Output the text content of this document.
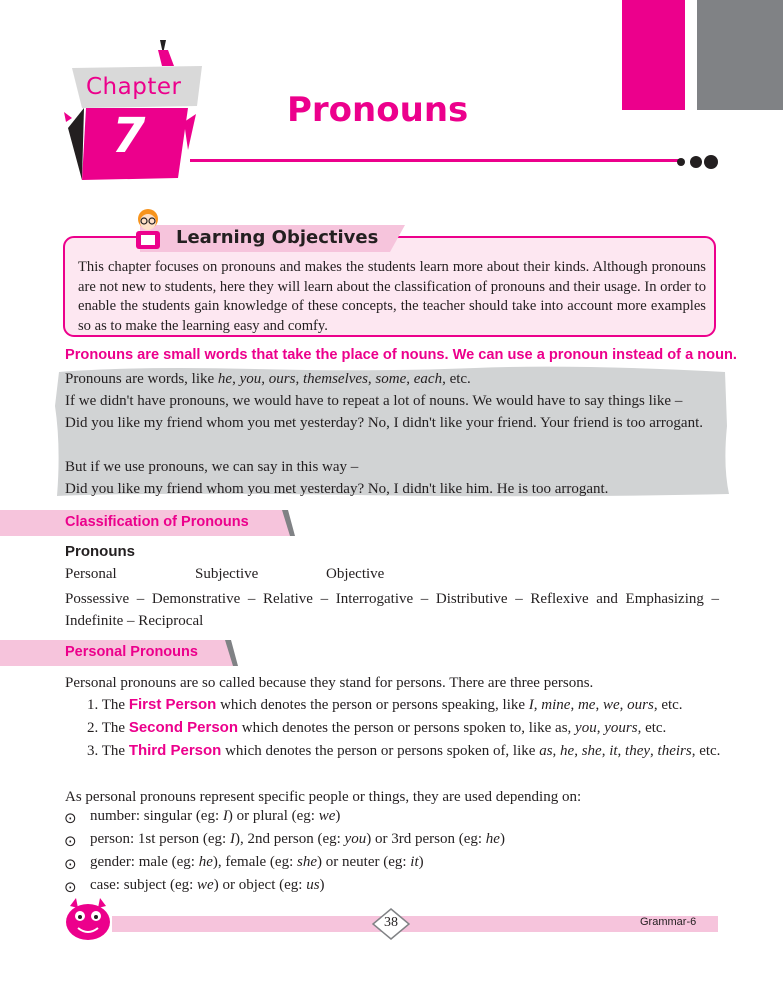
Chapter
7	Pronouns
Learning Objectives
This chapter focuses on pronouns and makes the students learn more about their kinds. Although pronouns are not new to students, here they will learn about the classification of pronouns and their usage. In order to enable the students gain knowledge of these concepts, the teacher should take into account more examples so as to make the learning easy and comfy.
Pronouns are small words that take the place of nouns. We can use a pronoun instead of a noun.
Pronouns are words, like he, you, ours, themselves, some, each, etc.
If we didn't have pronouns, we would have to repeat a lot of nouns. We would have to say things like –
Did you like my friend whom you met yesterday? No, I didn't like your friend. Your friend is too arrogant.
But if we use pronouns, we can say in this way –
Did you like my friend whom you met yesterday? No, I didn't like him. He is too arrogant.
Classification of Pronouns
Pronouns
Personal	Subjective	Objective
Possessive – Demonstrative – Relative – Interrogative – Distributive – Reflexive and Emphasizing – Indefinite – Reciprocal
Personal Pronouns
Personal pronouns are so called because they stand for persons. There are three persons.
1. The First Person which denotes the person or persons speaking, like I, mine, me, we, ours, etc.
2. The Second Person which denotes the person or persons spoken to, like as, you, yours, etc.
3. The Third Person which denotes the person or persons spoken of, like as, he, she, it, they, theirs, etc.
As personal pronouns represent specific people or things, they are used depending on:
⊙ number: singular (eg: I) or plural (eg: we)
⊙ person: 1st person (eg: I), 2nd person (eg: you) or 3rd person (eg: he)
⊙ gender: male (eg: he), female (eg: she) or neuter (eg: it)
⊙ case: subject (eg: we) or object (eg: us)
38	Grammar-6
